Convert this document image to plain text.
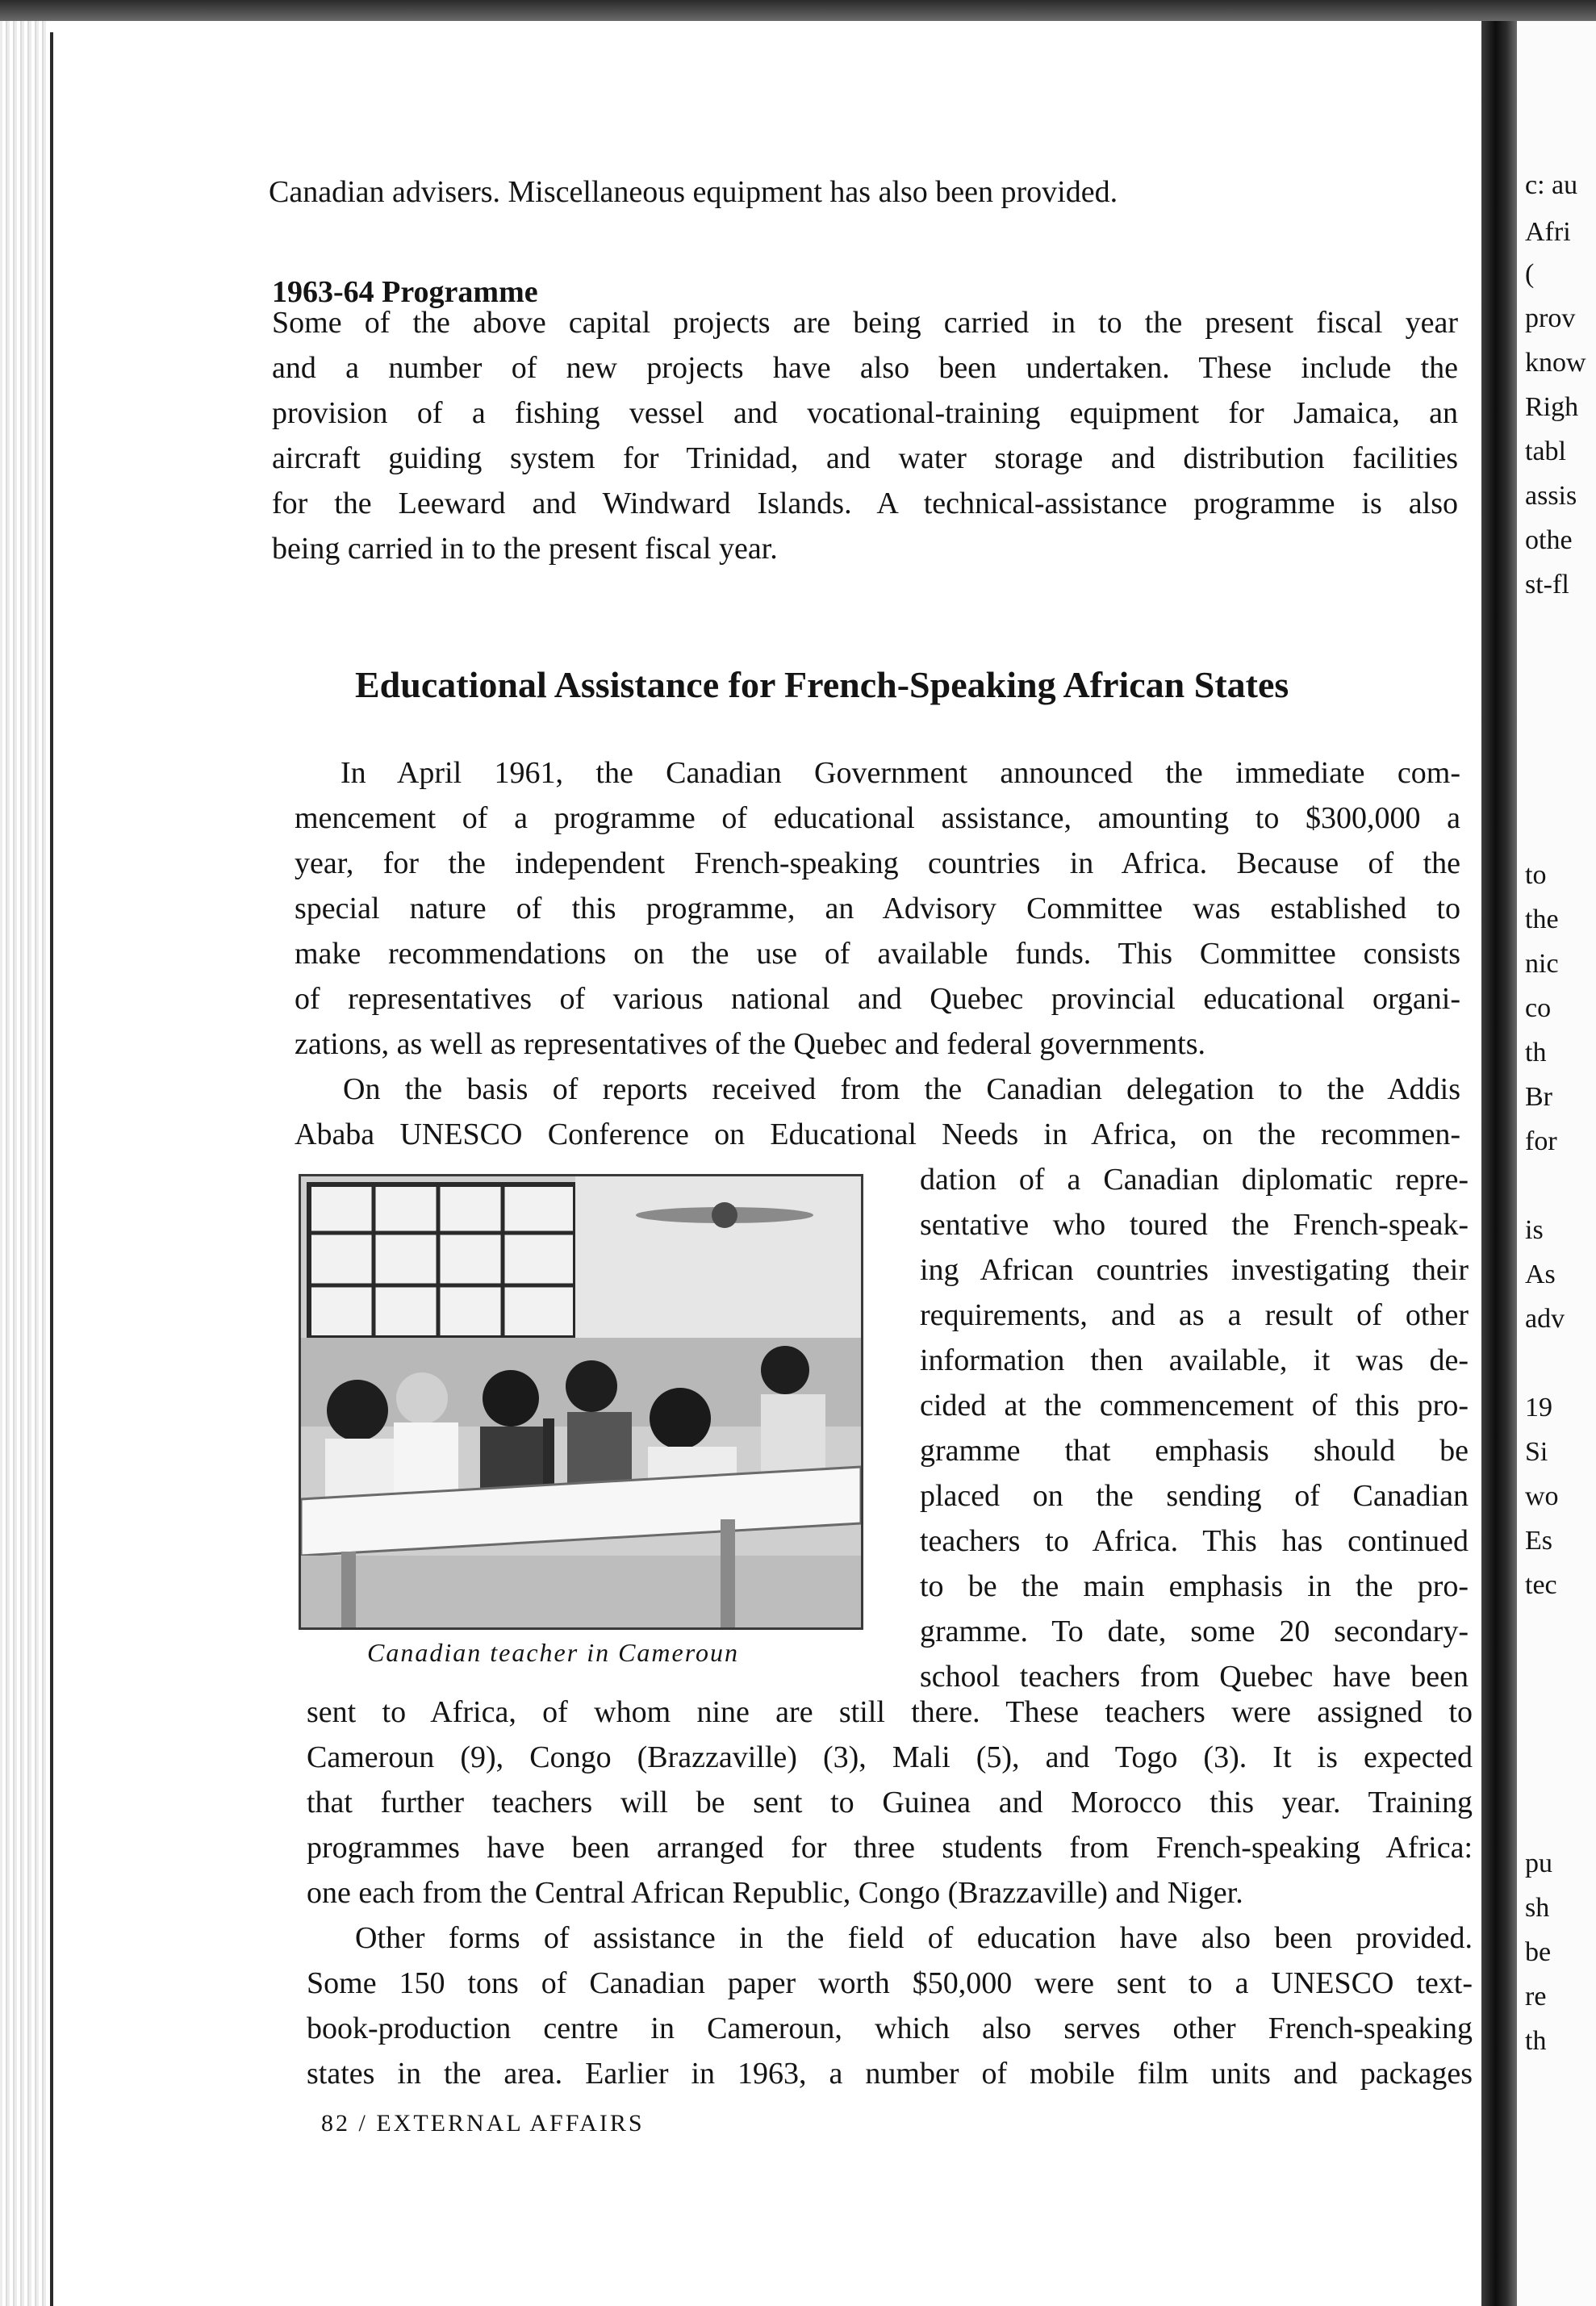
c: au
Afri
(
prov
know
Righ
tabl
assis
othe
st-fl
to
the
nic
co
th
Br
for
is
As
adv
19
Si
wo
Es
tec
pu
sh
be
re
th
Canadian advisers. Miscellaneous equipment has also been provided.
1963-64 Programme
Some of the above capital projects are being carried in to the present fiscal year
and a number of new projects have also been undertaken. These include the
provision of a fishing vessel and vocational-training equipment for Jamaica, an
aircraft guiding system for Trinidad, and water storage and distribution facilities
for the Leeward and Windward Islands. A technical-assistance programme is also
being carried in to the present fiscal year.
Educational Assistance for French-Speaking African States
In April 1961, the Canadian Government announced the immediate com-
mencement of a programme of educational assistance, amounting to $300,000 a
year, for the independent French-speaking countries in Africa. Because of the
special nature of this programme, an Advisory Committee was established to
make recommendations on the use of available funds. This Committee consists
of representatives of various national and Quebec provincial educational organi-
zations, as well as representatives of the Quebec and federal governments.
On the basis of reports received from the Canadian delegation to the Addis
Ababa UNESCO Conference on Educational Needs in Africa, on the recommen-
Canadian teacher in Cameroun
dation of a Canadian diplomatic repre-
sentative who toured the French-speak-
ing African countries investigating their
requirements, and as a result of other
information then available, it was de-
cided at the commencement of this pro-
gramme that emphasis should be
placed on the sending of Canadian
teachers to Africa. This has continued
to be the main emphasis in the pro-
gramme. To date, some 20 secondary-
school teachers from Quebec have been
sent to Africa, of whom nine are still there. These teachers were assigned to
Cameroun (9), Congo (Brazzaville) (3), Mali (5), and Togo (3). It is expected
that further teachers will be sent to Guinea and Morocco this year. Training
programmes have been arranged for three students from French-speaking Africa:
one each from the Central African Republic, Congo (Brazzaville) and Niger.
Other forms of assistance in the field of education have also been provided.
Some 150 tons of Canadian paper worth $50,000 were sent to a UNESCO text-
book-production centre in Cameroun, which also serves other French-speaking
states in the area. Earlier in 1963, a number of mobile film units and packages
82 / EXTERNAL AFFAIRS
